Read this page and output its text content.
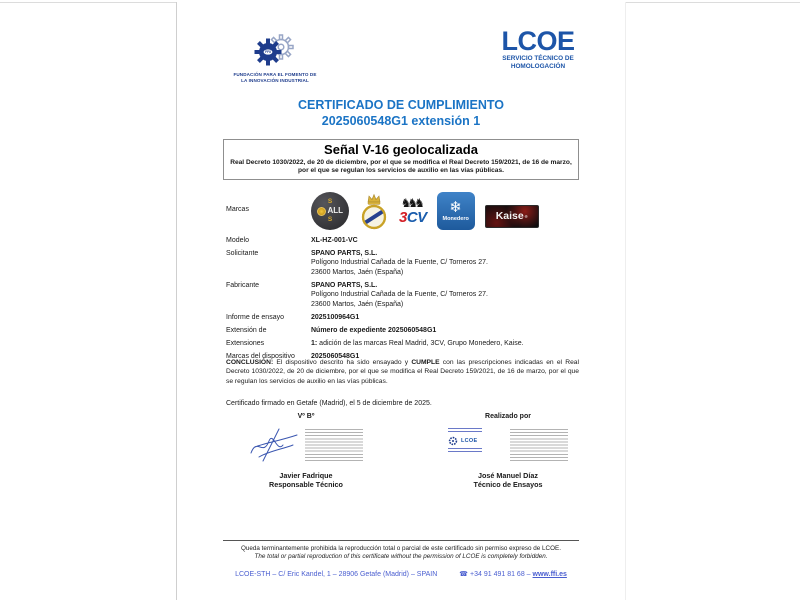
FFII
FUNDACIÓN PARA EL FOMENTO DE
LA INNOVACIÓN INDUSTRIAL
LCOE
SERVICIO TÉCNICO DE
HOMOLOGACIÓN
CERTIFICADO DE CUMPLIMIENTO
2025060548G1 extensión 1
Señal V-16 geolocalizada
Real Decreto 1030/2022, de 20 de diciembre, por el que se modifica el Real Decreto 159/2021, de 16 de marzo, por el que se regulan los servicios de auxilio en las vías públicas.
Marcas
S
ALL
S
♞♞♞
3CV
❄
Monedero	Kaise ®
Modelo	XL-HZ-001-VC
Solicitante	SPANO PARTS, S.L.
Polígono Industrial Cañada de la Fuente, C/ Torneros 27.
23600 Martos, Jaén (España)
Fabricante	SPANO PARTS, S.L.
Polígono Industrial Cañada de la Fuente, C/ Torneros 27.
23600 Martos, Jaén (España)
Informe de ensayo	2025100964G1
Extensión de	Número de expediente 2025060548G1
Extensiones	1: adición de las marcas Real Madrid, 3CV, Grupo Monedero, Kaise.
Marcas del dispositivo	2025060548G1
CONCLUSIÓN: El dispositivo descrito ha sido ensayado y CUMPLE con las prescripciones indicadas en el Real Decreto 1030/2022, de 20 de diciembre, por el que se modifica el Real Decreto 159/2021, de 16 de marzo, por el que se regulan los servicios de auxilio en las vías públicas.
Certificado firmado en Getafe (Madrid), el 5 de diciembre de 2025.
Vº Bº
Javier Fadrique
Responsable Técnico
Realizado por
LCOE
José Manuel Díaz
Técnico de Ensayos
Queda terminantemente prohibida la reproducción total o parcial de este certificado sin permiso expreso de LCOE.
The total or partial reproduction of this certificate without the permission of LCOE is completely forbidden.
LCOE-STH – C/ Eric Kandel, 1 – 28906 Getafe (Madrid) – SPAIN	☎ +34 91 491 81 68 – www.ffi.es
